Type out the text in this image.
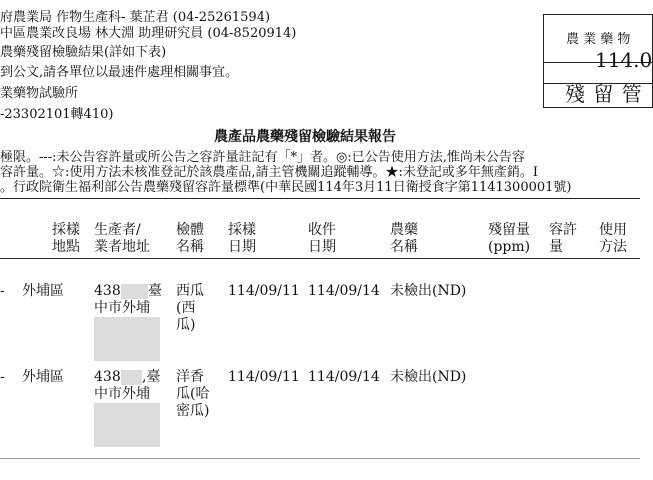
府農業局 作物生產科- 葉芷君 (04-25261594)
中區農業改良場 林大淵 助理研究員 (04-8520914)
農藥殘留檢驗結果(詳如下表)
到公文,請各單位以最速件處理相關事宜。
業藥物試驗所
-23302101轉410)
農 業 藥 物
114.0
殘 留 管
農產品農藥殘留檢驗結果報告
極限。---:未公告容許量或所公告之容許量註記有「*」者。◎:已公告使用方法,惟尚未公告容
容許量。☆:使用方法未核准登記於該農產品,請主管機關追蹤輔導。★:未登記或多年無產銷。I
。行政院衛生福利部公告農藥殘留容許量標準(中華民國114年3月11日衛授食字第1141300001號)
採樣
地點
生產者/
業者地址
檢體
名稱
採樣
日期
收件
日期
農藥
名稱
殘留量
(ppm)
容許
量
使用
方法
- 外埔區 438 臺
中市外埔
西瓜
(西
瓜)
114/09/11 114/09/14 未檢出(ND)
- 外埔區 438 ,臺
中市外埔
洋香
瓜(哈
密瓜)
114/09/11 114/09/14 未檢出(ND)
